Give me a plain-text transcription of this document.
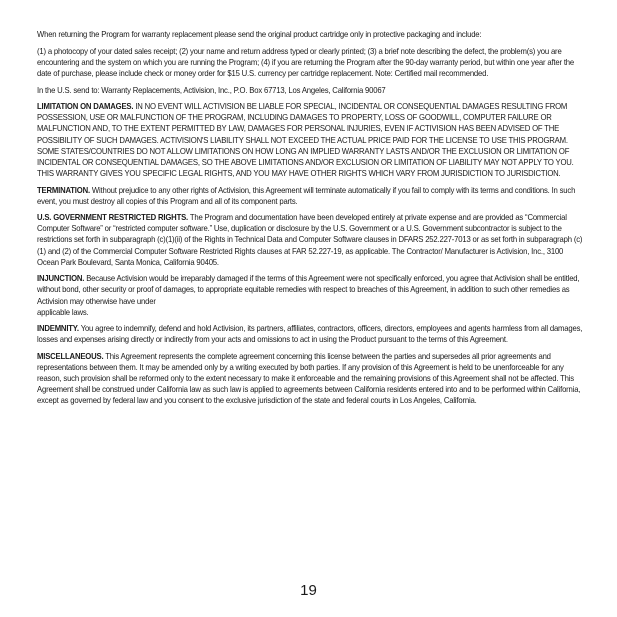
When returning the Program for warranty replacement please send the original product cartridge only in protective packaging and include:

(1) a photocopy of your dated sales receipt; (2) your name and return address typed or clearly printed; (3) a brief note describing the defect, the problem(s) you are encountering and the system on which you are running the Program; (4) if you are returning the Program after the 90-day warranty period, but within one year after the date of purchase, please include check or money order for $15 U.S. currency per cartridge replacement. Note: Certified mail recommended.

In the U.S. send to: Warranty Replacements, Activision, Inc., P.O. Box 67713, Los Angeles, California 90067

LIMITATION ON DAMAGES. IN NO EVENT WILL ACTIVISION BE LIABLE FOR SPECIAL, INCIDENTAL OR CONSEQUENTIAL DAMAGES RESULTING FROM POSSESSION, USE OR MALFUNCTION OF THE PROGRAM, INCLUDING DAMAGES TO PROPERTY, LOSS OF GOODWILL, COMPUTER FAILURE OR MALFUNCTION AND, TO THE EXTENT PERMITTED BY LAW, DAMAGES FOR PERSONAL INJURIES, EVEN IF ACTIVISION HAS BEEN ADVISED OF THE POSSIBILITY OF SUCH DAMAGES. ACTIVISION'S LIABILITY SHALL NOT EXCEED THE ACTUAL PRICE PAID FOR THE LICENSE TO USE THIS PROGRAM. SOME STATES/COUNTRIES DO NOT ALLOW LIMITATIONS ON HOW LONG AN IMPLIED WARRANTY LASTS AND/OR THE EXCLUSION OR LIMITATION OF INCIDENTAL OR CONSEQUENTIAL DAMAGES, SO THE ABOVE LIMITATIONS AND/OR EXCLUSION OR LIMITATION OF LIABILITY MAY NOT APPLY TO YOU. THIS WARRANTY GIVES YOU SPECIFIC LEGAL RIGHTS, AND YOU MAY HAVE OTHER RIGHTS WHICH VARY FROM JURISDICTION TO JURISDICTION.

TERMINATION. Without prejudice to any other rights of Activision, this Agreement will terminate automatically if you fail to comply with its terms and conditions. In such event, you must destroy all copies of this Program and all of its component parts.

U.S. GOVERNMENT RESTRICTED RIGHTS. The Program and documentation have been developed entirely at private expense and are provided as “Commercial Computer Software” or “restricted computer software.” Use, duplication or disclosure by the U.S. Government or a U.S. Government subcontractor is subject to the restrictions set forth in subparagraph (c)(1)(ii) of the Rights in Technical Data and Computer Software clauses in DFARS 252.227-7013 or as set forth in subparagraph (c)(1) and (2) of the Commercial Computer Software Restricted Rights clauses at FAR 52.227-19, as applicable. The Contractor/ Manufacturer is Activision, Inc., 3100 Ocean Park Boulevard, Santa Monica, California 90405.

INJUNCTION. Because Activision would be irreparably damaged if the terms of this Agreement were not specifically enforced, you agree that Activision shall be entitled, without bond, other security or proof of damages, to appropriate equitable remedies with respect to breaches of this Agreement, in addition to such other remedies as Activision may otherwise have under

applicable laws.

INDEMNITY. You agree to indemnify, defend and hold Activision, its partners, affiliates, contractors, officers, directors, employees and agents harmless from all damages, losses and expenses arising directly or indirectly from your acts and omissions to act in using the Product pursuant to the terms of this Agreement.

MISCELLANEOUS. This Agreement represents the complete agreement concerning this license between the parties and supersedes all prior agreements and representations between them. It may be amended only by a writing executed by both parties. If any provision of this Agreement is held to be unenforceable for any reason, such provision shall be reformed only to the extent necessary to make it enforceable and the remaining provisions of this Agreement shall not be affected. This Agreement shall be construed under California law as such law is applied to agreements between California residents entered into and to be performed within California, except as governed by federal law and you consent to the exclusive jurisdiction of the state and federal courts in Los Angeles, California.

19
